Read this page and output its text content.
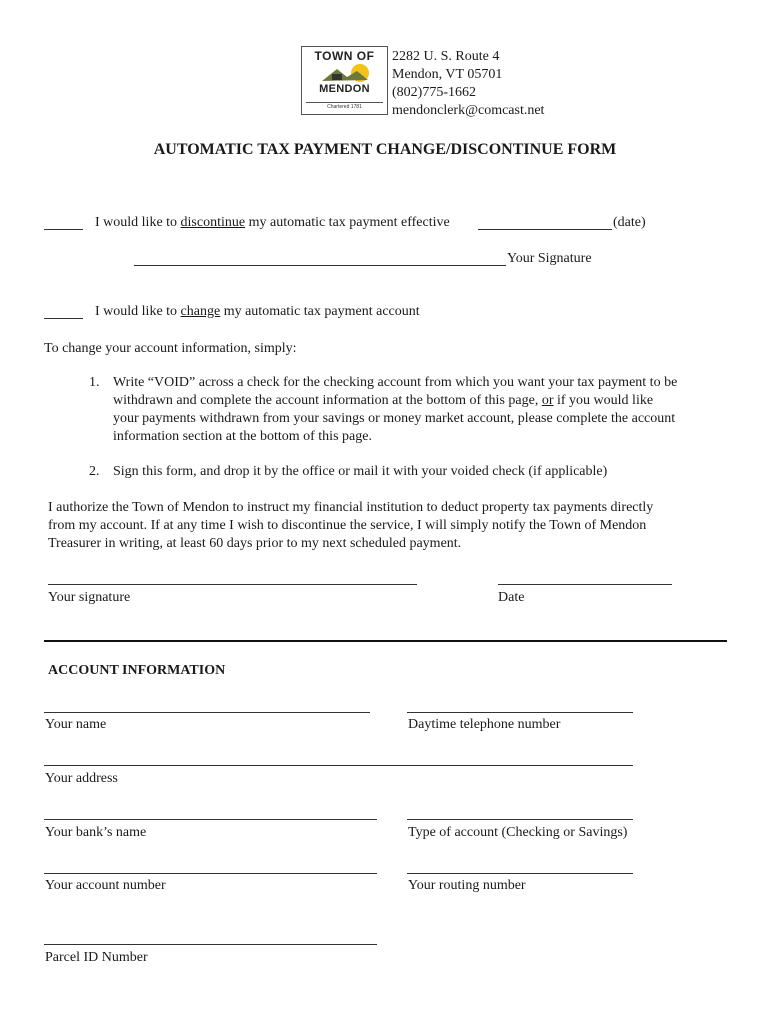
TOWN OF
MENDON
Chartered 1781
2282 U. S. Route 4
Mendon, VT 05701
(802)775-1662
mendonclerk@comcast.net
AUTOMATIC TAX PAYMENT CHANGE/DISCONTINUE FORM
I would like to discontinue my automatic tax payment effective	(date)
Your Signature
I would like to change my automatic tax payment account
To change your account information, simply:
1. Write “VOID” across a check for the checking account from which you want your tax payment to be
withdrawn and complete the account information at the bottom of this page, or if you would like
your payments withdrawn from your savings or money market account, please complete the account
information section at the bottom of this page.
2. Sign this form, and drop it by the office or mail it with your voided check (if applicable)
I authorize the Town of Mendon to instruct my financial institution to deduct property tax payments directly
from my account. If at any time I wish to discontinue the service, I will simply notify the Town of Mendon
Treasurer in writing, at least 60 days prior to my next scheduled payment.
Your signature	Date
ACCOUNT INFORMATION
Your name	Daytime telephone number
Your address
Your bank’s name	Type of account (Checking or Savings)
Your account number	Your routing number
Parcel ID Number
